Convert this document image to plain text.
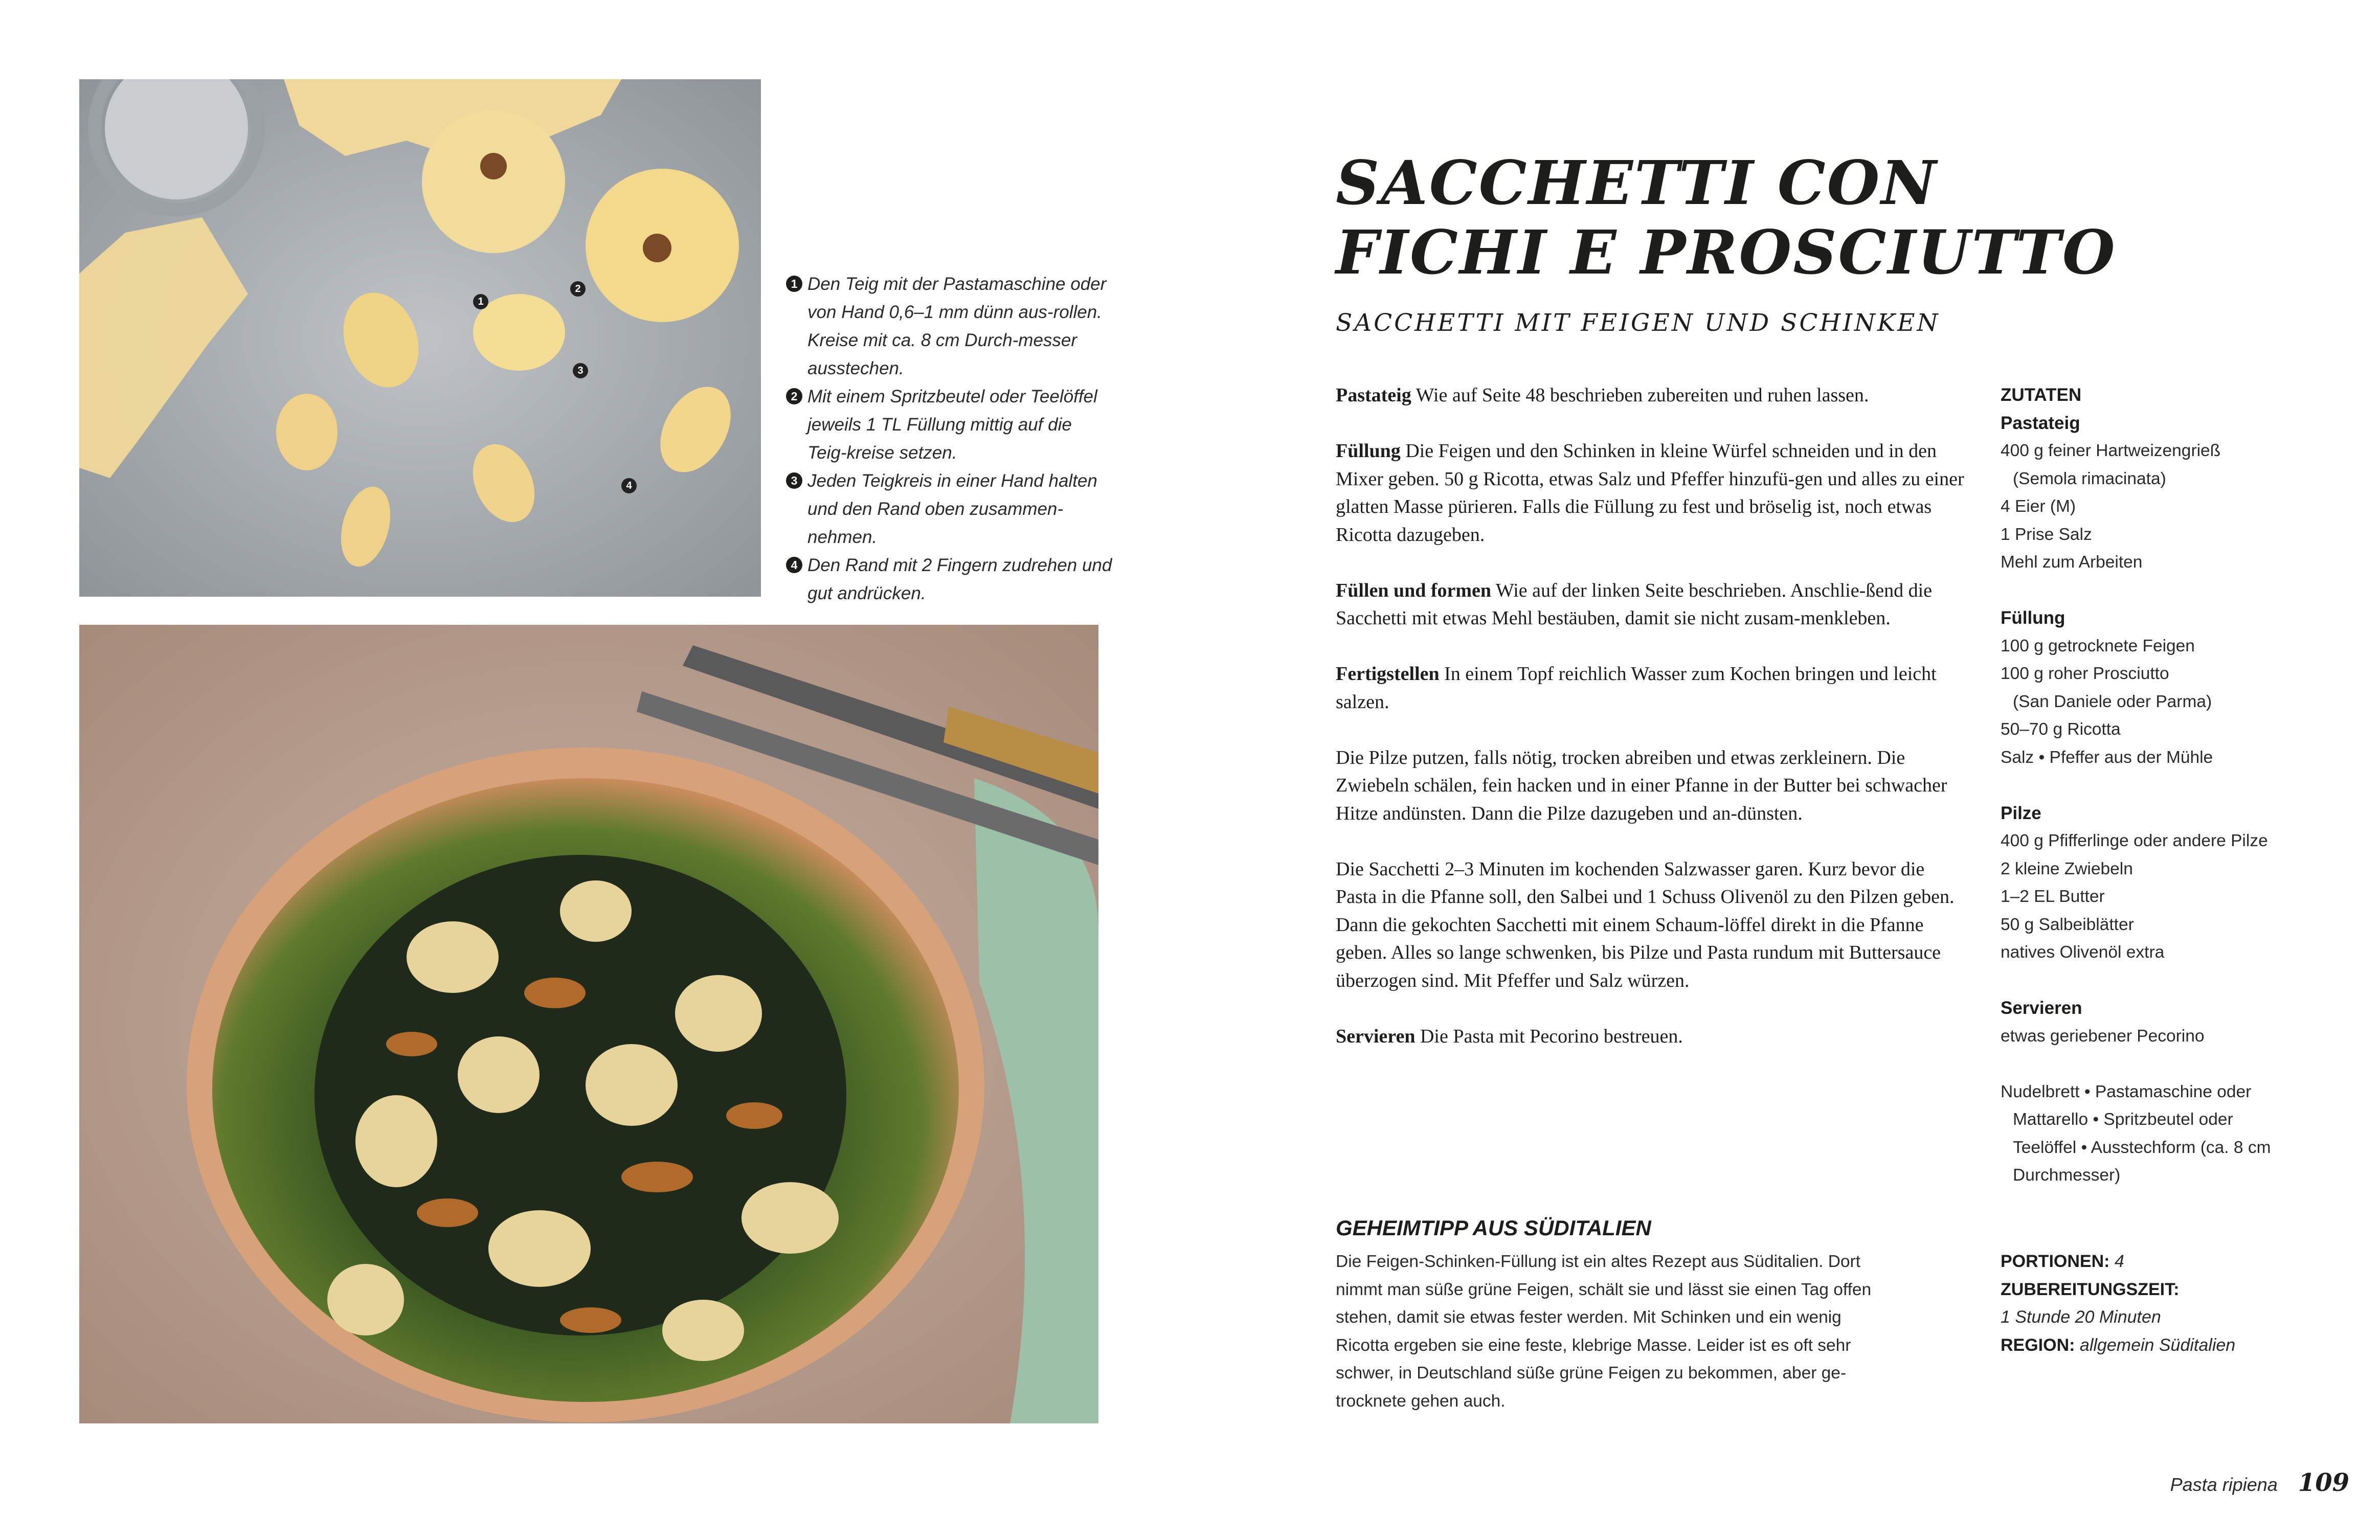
1
2
3
4
1 Den Teig mit der Pastamaschine oder von Hand 0,6–1 mm dünn aus-rollen. Kreise mit ca. 8 cm Durch-messer ausstechen.
2 Mit einem Spritzbeutel oder Teelöffel jeweils 1 TL Füllung mittig auf die Teig-kreise setzen.
3 Jeden Teigkreis in einer Hand halten und den Rand oben zusammen-nehmen.
4 Den Rand mit 2 Fingern zudrehen und gut andrücken.
SACCHETTI CON
FICHI E PROSCIUTTO
SACCHETTI MIT FEIGEN UND SCHINKEN

Pastateig Wie auf Seite 48 beschrieben zubereiten und ruhen lassen.

Füllung Die Feigen und den Schinken in kleine Würfel schneiden und in den Mixer geben. 50 g Ricotta, etwas Salz und Pfeffer hinzufü-gen und alles zu einer glatten Masse pürieren. Falls die Füllung zu fest und bröselig ist, noch etwas Ricotta dazugeben.

Füllen und formen Wie auf der linken Seite beschrieben. Anschlie-ßend die Sacchetti mit etwas Mehl bestäuben, damit sie nicht zusam-menkleben.

Fertigstellen In einem Topf reichlich Wasser zum Kochen bringen und leicht salzen.

Die Pilze putzen, falls nötig, trocken abreiben und etwas zerkleinern. Die Zwiebeln schälen, fein hacken und in einer Pfanne in der Butter bei schwacher Hitze andünsten. Dann die Pilze dazugeben und an-dünsten.

Die Sacchetti 2–3 Minuten im kochenden Salzwasser garen. Kurz bevor die Pasta in die Pfanne soll, den Salbei und 1 Schuss Olivenöl zu den Pilzen geben. Dann die gekochten Sacchetti mit einem Schaum-löffel direkt in die Pfanne geben. Alles so lange schwenken, bis Pilze und Pasta rundum mit Buttersauce überzogen sind. Mit Pfeffer und Salz würzen.

Servieren Die Pasta mit Pecorino bestreuen.

GEHEIMTIPP AUS SÜDITALIEN
Die Feigen-Schinken-Füllung ist ein altes Rezept aus Süditalien. Dort nimmt man süße grüne Feigen, schält sie und lässt sie einen Tag offen stehen, damit sie etwas fester werden. Mit Schinken und ein wenig Ricotta ergeben sie eine feste, klebrige Masse. Leider ist es oft sehr schwer, in Deutschland süße grüne Feigen zu bekommen, aber ge-trocknete gehen auch.
ZUTATEN
Pastateig
400 g feiner Hartweizengrieß
(Semola rimacinata)
4 Eier (M)
1 Prise Salz
Mehl zum Arbeiten
Füllung
100 g getrocknete Feigen
100 g roher Prosciutto
(San Daniele oder Parma)
50–70 g Ricotta
Salz • Pfeffer aus der Mühle
Pilze
400 g Pfifferlinge oder andere Pilze
2 kleine Zwiebeln
1–2 EL Butter
50 g Salbeiblätter
natives Olivenöl extra
Servieren
etwas geriebener Pecorino
Nudelbrett • Pastamaschine oder
Mattarello • Spritzbeutel oder
Teelöffel • Ausstechform (ca. 8 cm
Durchmesser)
PORTIONEN: 4
ZUBEREITUNGSZEIT:
1 Stunde 20 Minuten
REGION: allgemein Süditalien
Pasta ripiena 109
